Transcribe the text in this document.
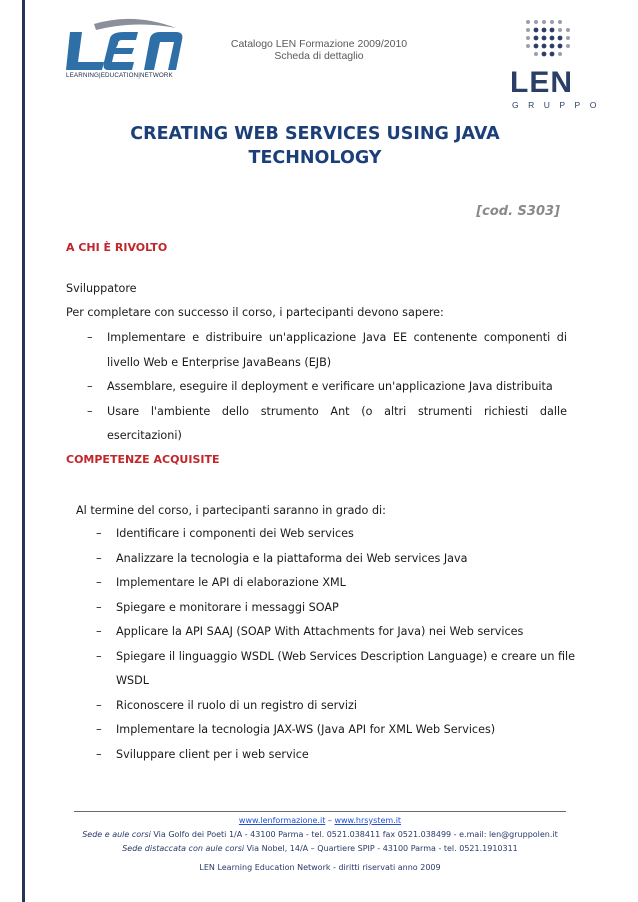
LEARNING|EDUCATION|NETWORK
Catalogo LEN Formazione 2009/2010
Scheda di dettaglio
LEN
GRUPPO
CREATING WEB SERVICES USING JAVA
TECHNOLOGY
[cod. S303]
A CHI È RIVOLTO
Sviluppatore
Per completare con successo il corso, i partecipanti devono sapere:
– Implementare e distribuire un'applicazione Java EE contenente componenti di livello Web e Enterprise JavaBeans (EJB)
– Assemblare, eseguire il deployment e verificare un'applicazione Java distribuita
– Usare l'ambiente dello strumento Ant (o altri strumenti richiesti dalle esercitazioni)
COMPETENZE ACQUISITE
Al termine del corso, i partecipanti saranno in grado di:
– Identificare i componenti dei Web services
– Analizzare la tecnologia e la piattaforma dei Web services Java
– Implementare le API di elaborazione XML
– Spiegare e monitorare i messaggi SOAP
– Applicare la API SAAJ (SOAP With Attachments for Java) nei Web services
– Spiegare il linguaggio WSDL (Web Services Description Language) e creare un file WSDL
– Riconoscere il ruolo di un registro di servizi
– Implementare la tecnologia JAX-WS (Java API for XML Web Services)
– Sviluppare client per i web service
www.lenformazione.it – www.hrsystem.it
Sede e aule corsi Via Golfo dei Poeti 1/A - 43100 Parma - tel. 0521.038411 fax 0521.038499 - e.mail: len@gruppolen.it
Sede distaccata con aule corsi Via Nobel, 14/A – Quartiere SPIP - 43100 Parma - tel. 0521.1910311
LEN Learning Education Network - diritti riservati anno 2009
